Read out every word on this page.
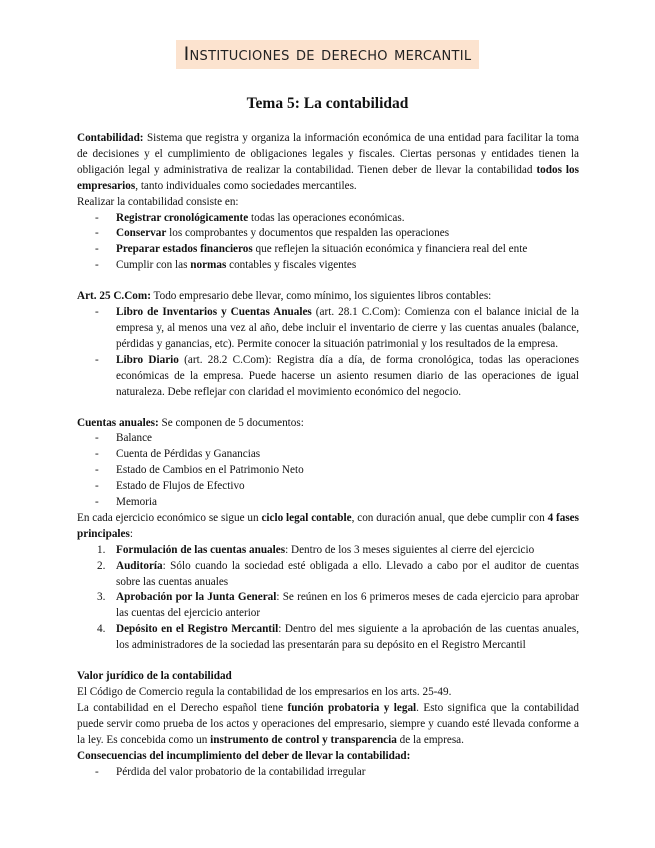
Instituciones de derecho mercantil
Tema 5: La contabilidad

Contabilidad: Sistema que registra y organiza la información económica de una entidad para facilitar la toma de decisiones y el cumplimiento de obligaciones legales y fiscales. Ciertas personas y entidades tienen la obligación legal y administrativa de realizar la contabilidad. Tienen deber de llevar la contabilidad todos los empresarios, tanto individuales como sociedades mercantiles.

Realizar la contabilidad consiste en:

- Registrar cronológicamente todas las operaciones económicas.
- Conservar los comprobantes y documentos que respalden las operaciones
- Preparar estados financieros que reflejen la situación económica y financiera real del ente
- Cumplir con las normas contables y fiscales vigentes

Art. 25 C.Com: Todo empresario debe llevar, como mínimo, los siguientes libros contables:

- Libro de Inventarios y Cuentas Anuales (art. 28.1 C.Com): Comienza con el balance inicial de la empresa y, al menos una vez al año, debe incluir el inventario de cierre y las cuentas anuales (balance, pérdidas y ganancias, etc). Permite conocer la situación patrimonial y los resultados de la empresa.
- Libro Diario (art. 28.2 C.Com): Registra día a día, de forma cronológica, todas las operaciones económicas de la empresa. Puede hacerse un asiento resumen diario de las operaciones de igual naturaleza. Debe reflejar con claridad el movimiento económico del negocio.

Cuentas anuales: Se componen de 5 documentos:

- Balance
- Cuenta de Pérdidas y Ganancias
- Estado de Cambios en el Patrimonio Neto
- Estado de Flujos de Efectivo
- Memoria

En cada ejercicio económico se sigue un ciclo legal contable, con duración anual, que debe cumplir con 4 fases principales:

1. Formulación de las cuentas anuales: Dentro de los 3 meses siguientes al cierre del ejercicio
2. Auditoría: Sólo cuando la sociedad esté obligada a ello. Llevado a cabo por el auditor de cuentas sobre las cuentas anuales
3. Aprobación por la Junta General: Se reúnen en los 6 primeros meses de cada ejercicio para aprobar las cuentas del ejercicio anterior
4. Depósito en el Registro Mercantil: Dentro del mes siguiente a la aprobación de las cuentas anuales, los administradores de la sociedad las presentarán para su depósito en el Registro Mercantil

Valor jurídico de la contabilidad

El Código de Comercio regula la contabilidad de los empresarios en los arts. 25-49.

La contabilidad en el Derecho español tiene función probatoria y legal. Esto significa que la contabilidad puede servir como prueba de los actos y operaciones del empresario, siempre y cuando esté llevada conforme a la ley. Es concebida como un instrumento de control y transparencia de la empresa.

Consecuencias del incumplimiento del deber de llevar la contabilidad:

- Pérdida del valor probatorio de la contabilidad irregular
